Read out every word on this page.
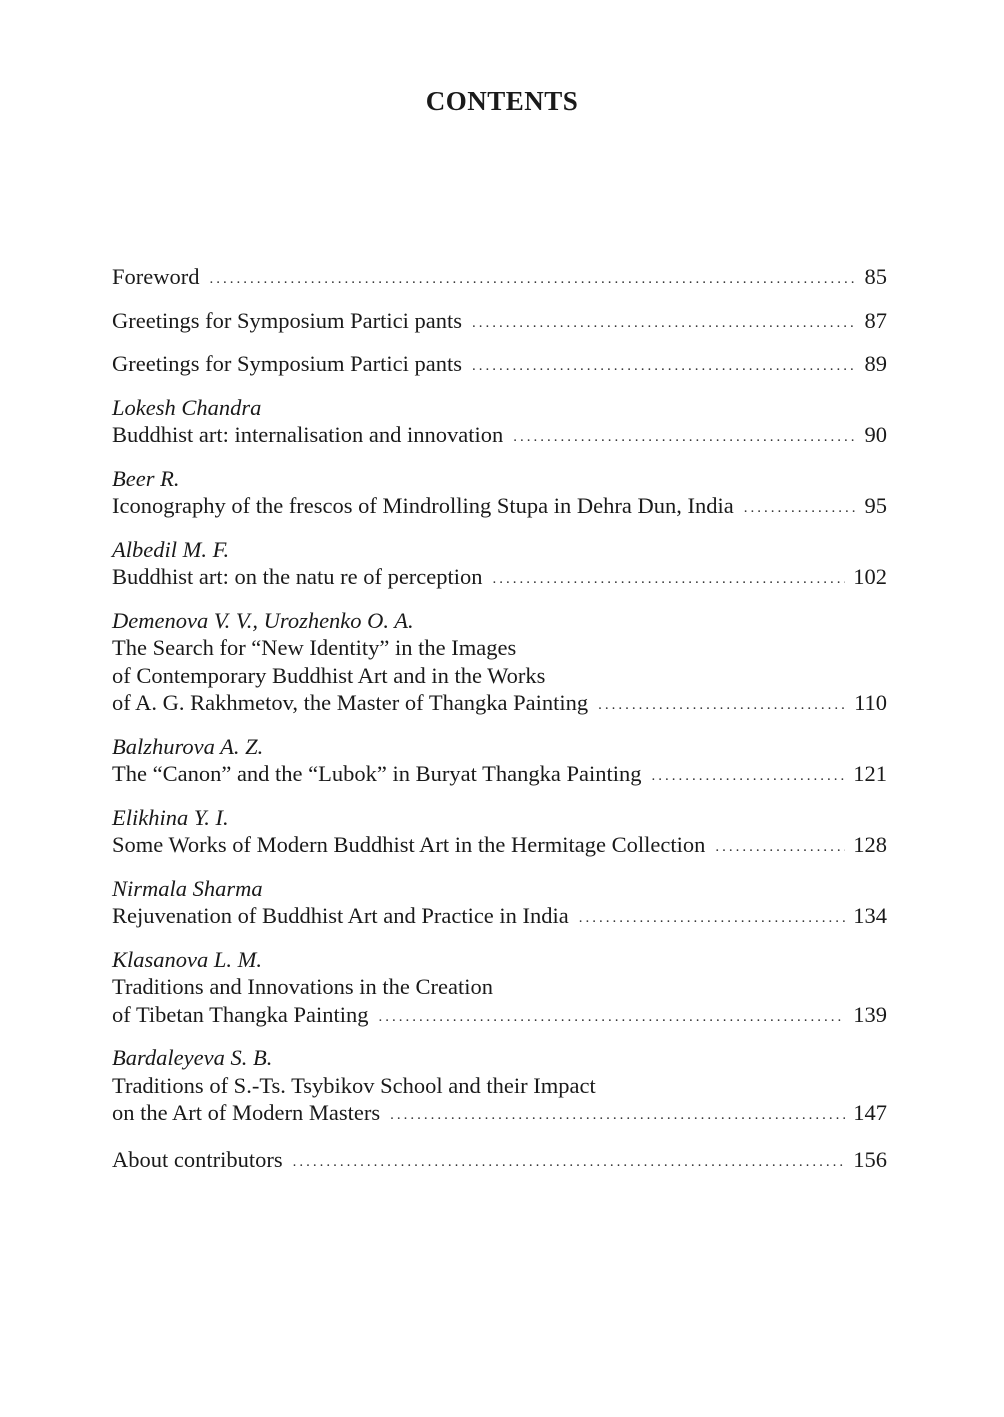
CONTENTS
Foreword .....	85
Greetings for Symposium Partici pants .....	87
Greetings for Symposium Partici pants .....	89
Lokesh Chandra
Buddhist art: internalisation and innovation .....	90
Beer R.
Iconography of the frescos of Mindrolling Stupa in Dehra Dun, India .....	95
Albedil M. F.
Buddhist art: on the natu re of perception .....	102
Demenova V. V., Urozhenko O. A.
The Search for “New Identity” in the Images
of Contemporary Buddhist Art and in the Works
of A. G. Rakhmetov, the Master of Thangka Painting .....	110
Balzhurova A. Z.
The “Canon” and the “Lubok” in Buryat Thangka Painting .....	121
Elikhina Y. I.
Some Works of Modern Buddhist Art in the Hermitage Collection .....	128
Nirmala Sharma
Rejuvenation of Buddhist Art and Practice in India .....	134
Klasanova L. M.
Traditions and Innovations in the Creation
of Tibetan Thangka Painting .....	139
Bardaleyeva S. B.
Traditions of S.-Ts. Tsybikov School and their Impact
on the Art of Modern Masters .....	147
About contributors .....	156
